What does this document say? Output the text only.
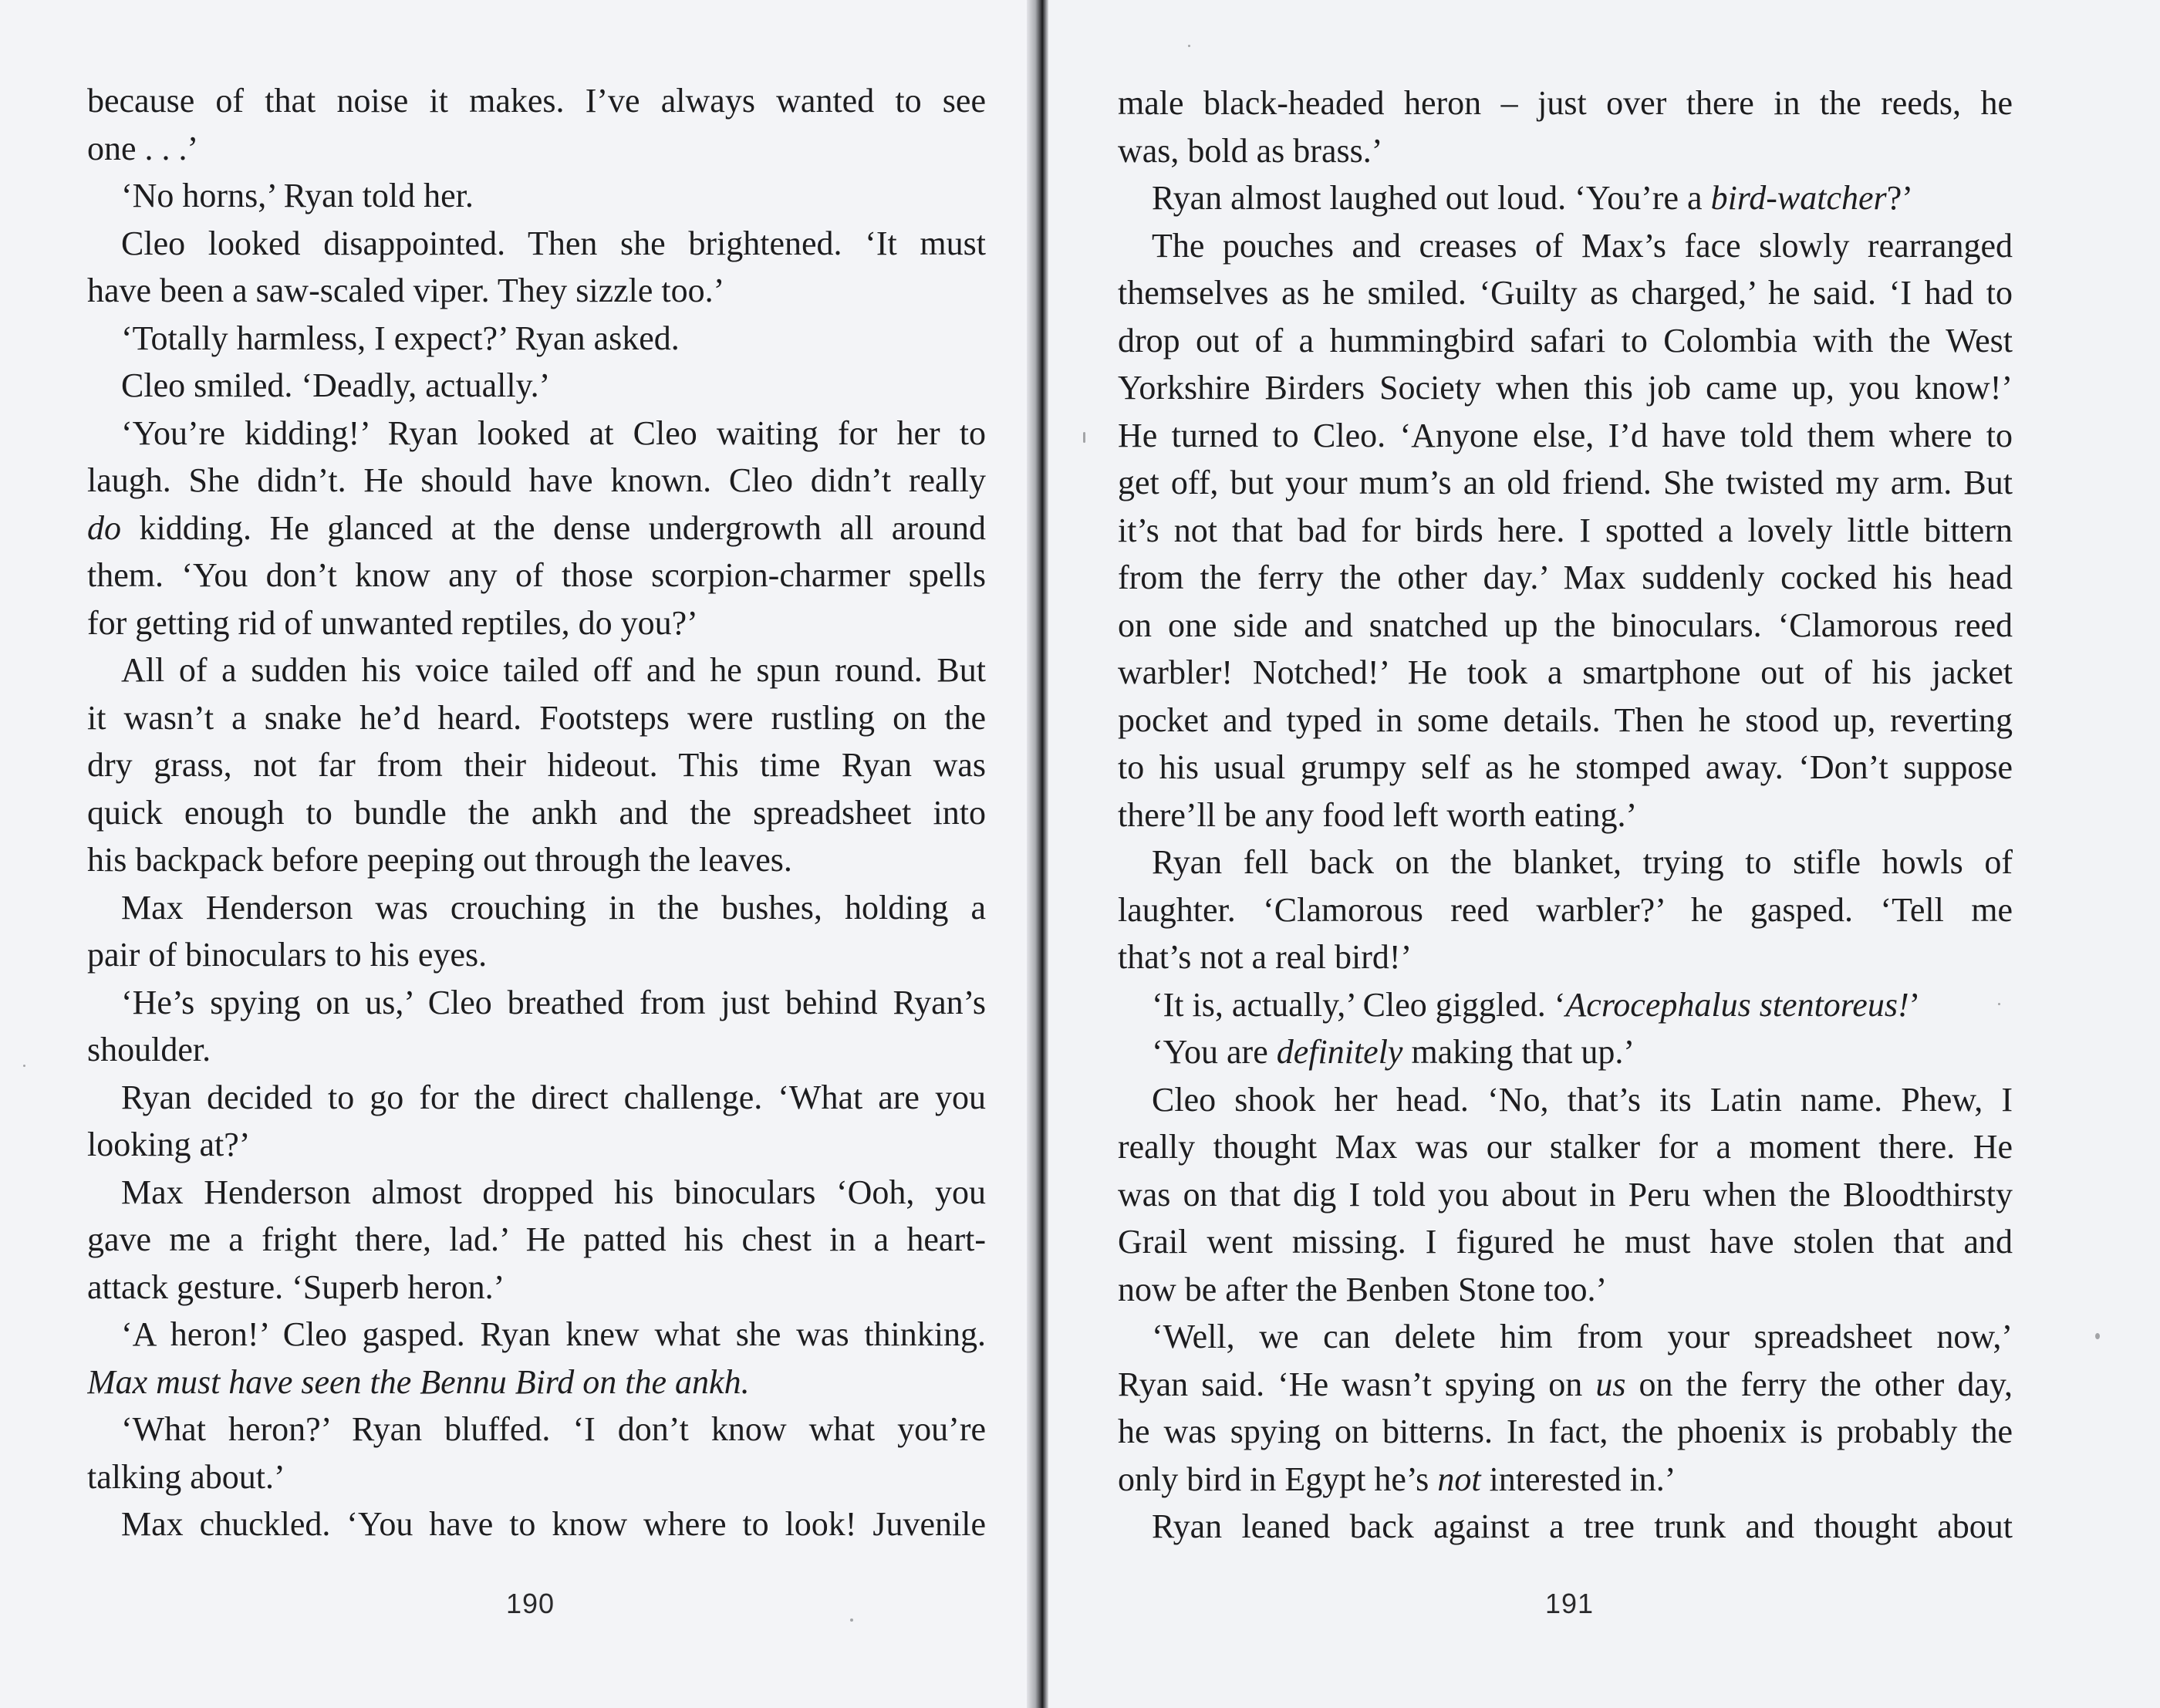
because of that noise it makes. I’ve always wanted to see
one . . .’
‘No horns,’ Ryan told her.
Cleo looked disappointed. Then she brightened. ‘It must
have been a saw-scaled viper. They sizzle too.’
‘Totally harmless, I expect?’ Ryan asked.
Cleo smiled. ‘Deadly, actually.’
‘You’re kidding!’ Ryan looked at Cleo waiting for her to
laugh. She didn’t. He should have known. Cleo didn’t really
do kidding. He glanced at the dense undergrowth all around
them. ‘You don’t know any of those scorpion-charmer spells
for getting rid of unwanted reptiles, do you?’
All of a sudden his voice tailed off and he spun round. But
it wasn’t a snake he’d heard. Footsteps were rustling on the
dry grass, not far from their hideout. This time Ryan was
quick enough to bundle the ankh and the spreadsheet into
his backpack before peeping out through the leaves.
Max Henderson was crouching in the bushes, holding a
pair of binoculars to his eyes.
‘He’s spying on us,’ Cleo breathed from just behind Ryan’s
shoulder.
Ryan decided to go for the direct challenge. ‘What are you
looking at?’
Max Henderson almost dropped his binoculars ‘Ooh, you
gave me a fright there, lad.’ He patted his chest in a heart-
attack gesture. ‘Superb heron.’
‘A heron!’ Cleo gasped. Ryan knew what she was thinking.
Max must have seen the Bennu Bird on the ankh.
‘What heron?’ Ryan bluffed. ‘I don’t know what you’re
talking about.’
Max chuckled. ‘You have to know where to look! Juvenile
190
male black-headed heron – just over there in the reeds, he
was, bold as brass.’
Ryan almost laughed out loud. ‘You’re a bird-watcher?’
The pouches and creases of Max’s face slowly rearranged
themselves as he smiled. ‘Guilty as charged,’ he said. ‘I had to
drop out of a hummingbird safari to Colombia with the West
Yorkshire Birders Society when this job came up, you know!’
He turned to Cleo. ‘Anyone else, I’d have told them where to
get off, but your mum’s an old friend. She twisted my arm. But
it’s not that bad for birds here. I spotted a lovely little bittern
from the ferry the other day.’ Max suddenly cocked his head
on one side and snatched up the binoculars. ‘Clamorous reed
warbler! Notched!’ He took a smartphone out of his jacket
pocket and typed in some details. Then he stood up, reverting
to his usual grumpy self as he stomped away. ‘Don’t suppose
there’ll be any food left worth eating.’
Ryan fell back on the blanket, trying to stifle howls of
laughter. ‘Clamorous reed warbler?’ he gasped. ‘Tell me
that’s not a real bird!’
‘It is, actually,’ Cleo giggled. ‘Acrocephalus stentoreus!’
‘You are definitely making that up.’
Cleo shook her head. ‘No, that’s its Latin name. Phew, I
really thought Max was our stalker for a moment there. He
was on that dig I told you about in Peru when the Bloodthirsty
Grail went missing. I figured he must have stolen that and
now be after the Benben Stone too.’
‘Well, we can delete him from your spreadsheet now,’
Ryan said. ‘He wasn’t spying on us on the ferry the other day,
he was spying on bitterns. In fact, the phoenix is probably the
only bird in Egypt he’s not interested in.’
Ryan leaned back against a tree trunk and thought about
191
